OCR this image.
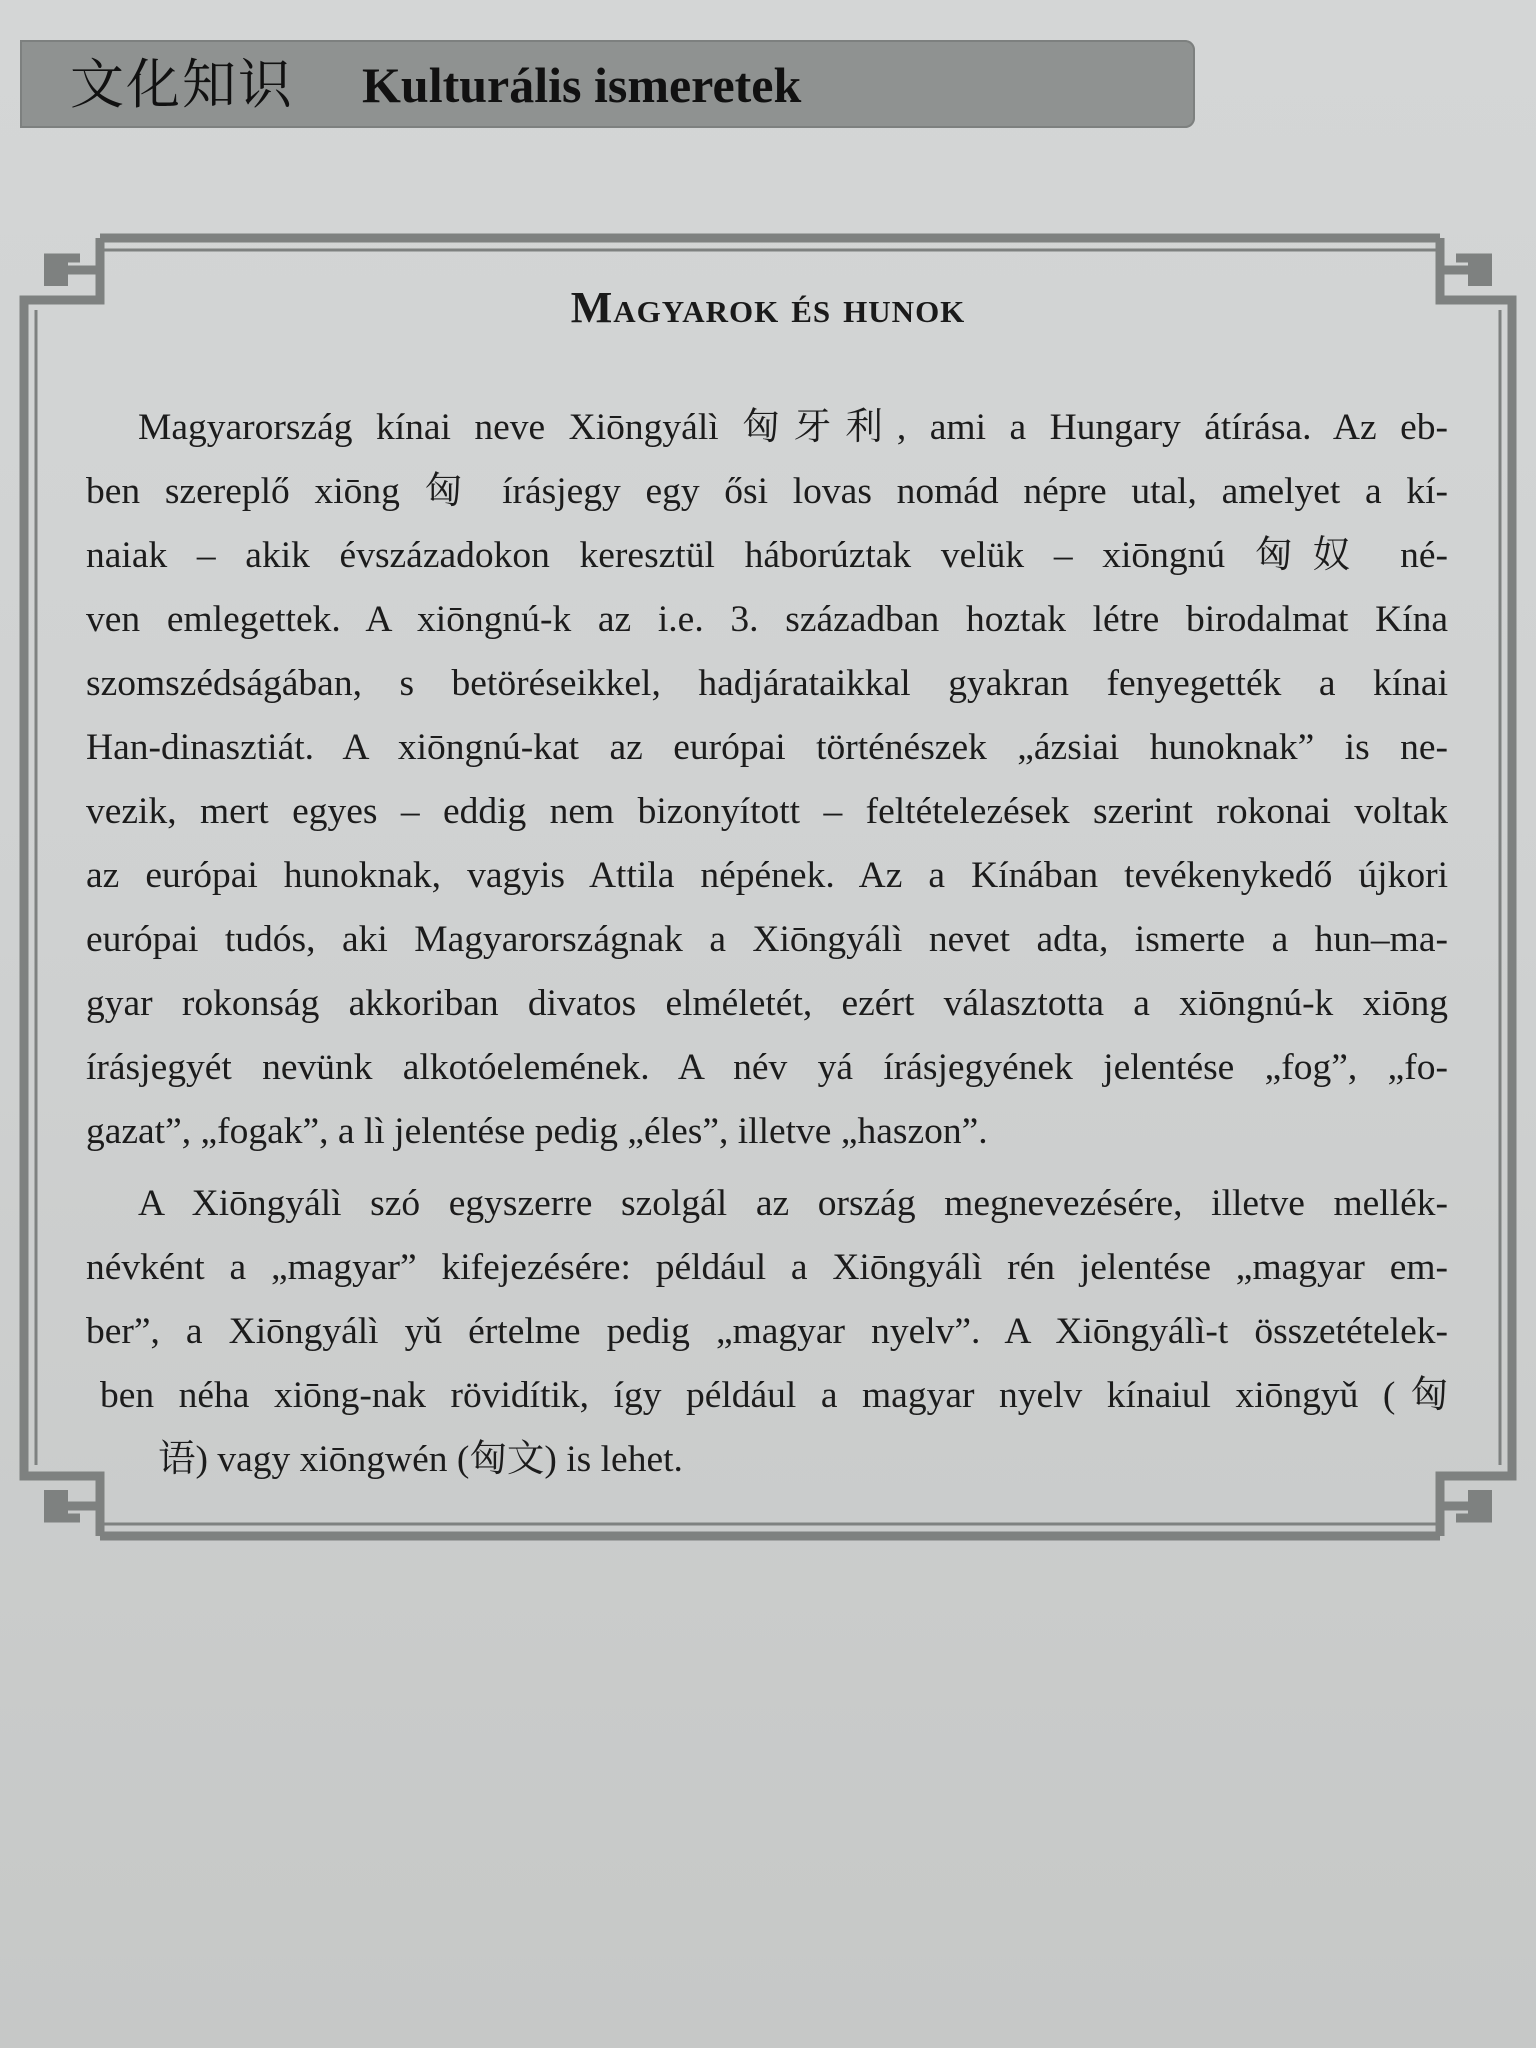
文化知识 Kulturális ismeretek
Magyarok és hunok
Magyarország kínai neve Xiōngyálì 匈牙利, ami a Hungary átírása. Az eb-
ben szereplő xiōng 匈 írásjegy egy ősi lovas nomád népre utal, amelyet a kí-
naiak – akik évszázadokon keresztül háborúztak velük – xiōngnú 匈奴 né-
ven emlegettek. A xiōngnú-k az i.e. 3. században hoztak létre birodalmat Kína
szomszédságában, s betöréseikkel, hadjárataikkal gyakran fenyegették a kínai
Han-dinasztiát. A xiōngnú-kat az európai történészek „ázsiai hunoknak” is ne-
vezik, mert egyes – eddig nem bizonyított – feltételezések szerint rokonai voltak
az európai hunoknak, vagyis Attila népének. Az a Kínában tevékenykedő újkori
európai tudós, aki Magyarországnak a Xiōngyálì nevet adta, ismerte a hun–ma-
gyar rokonság akkoriban divatos elméletét, ezért választotta a xiōngnú-k xiōng
írásjegyét nevünk alkotóelemének. A név yá írásjegyének jelentése „fog”, „fo-
gazat”, „fogak”, a lì jelentése pedig „éles”, illetve „haszon”.
A Xiōngyálì szó egyszerre szolgál az ország megnevezésére, illetve mellék-
névként a „magyar” kifejezésére: például a Xiōngyálì rén jelentése „magyar em-
ber”, a Xiōngyálì yǔ értelme pedig „magyar nyelv”. A Xiōngyálì-t összetételek-
ben néha xiōng-nak rövidítik, így például a magyar nyelv kínaiul xiōngyǔ (匈
语) vagy xiōngwén (匈文) is lehet.
